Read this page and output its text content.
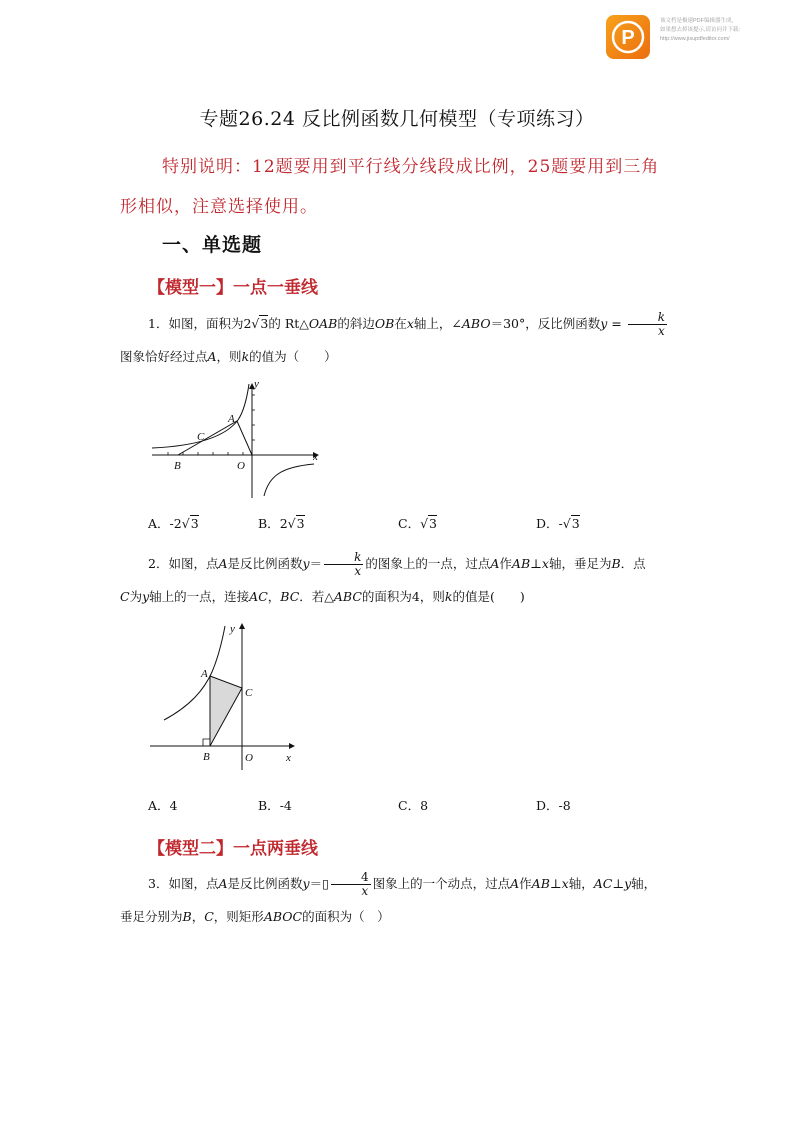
P
该文档是极速PDF编辑器生成,
如果想去掉该提示,请访问并下载:
http://www.jisupdfeditor.com/
专题26.24 反比例函数几何模型（专项练习）
特别说明：12题要用到平行线分线段成比例，25题要用到三角
形相似，注意选择使用。
一、单选题
【模型一】一点一垂线
1．如图，面积为2√3的 Rt△OAB的斜边OB在x轴上，∠ABO＝30°，反比例函数$y = \frac{k}{x}$
图象恰好经过点A，则k的值为（　　）
y
A
C
B	O
x
A．-2√3	B．2√3	C．√3	D．-√3
2．如图，点A是反比例函数$y= \frac{k}{x}$ 的图象上的一点，过点A作AB⊥x轴，垂足为B．点
C为y轴上的一点，连接AC，BC．若△ABC的面积为4，则k的值是(　　)
y
A
C
B	O	x
A．4	B．-4	C．8	D．-8
【模型二】一点两垂线
3．如图，点A是反比例函数y＝▯ $\frac{4}{x}$ 图象上的一个动点，过点A作AB⊥x轴，AC⊥y轴，
垂足分别为B，C，则矩形ABOC的面积为（　）
